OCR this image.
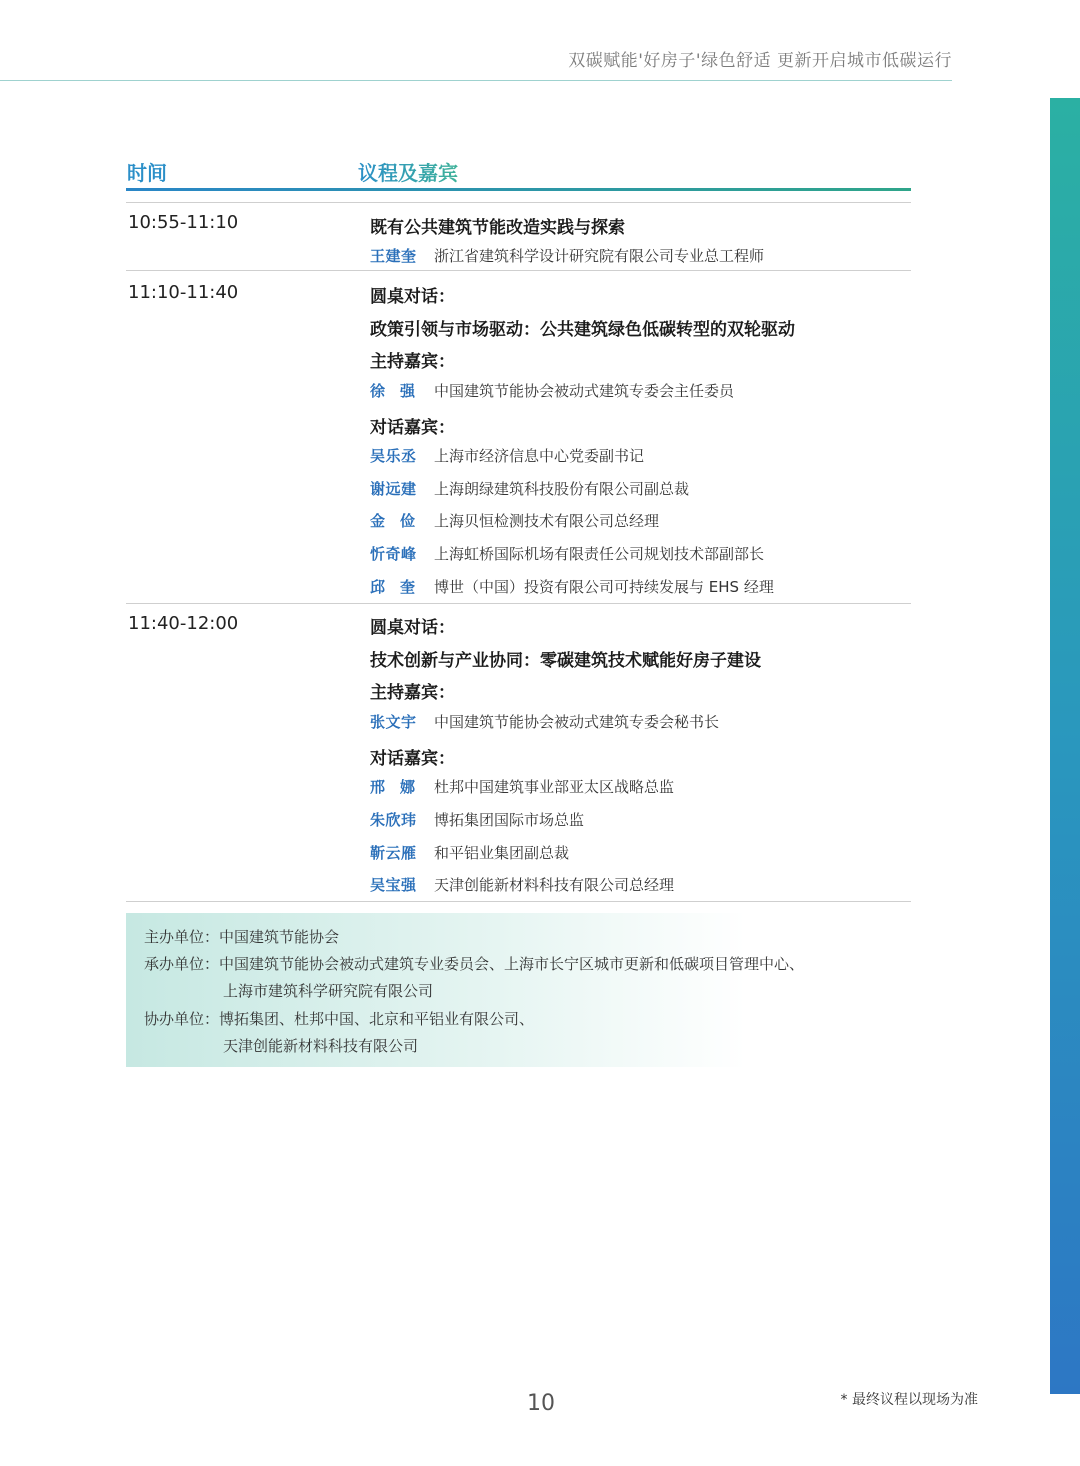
双碳赋能'好房子'绿色舒适 更新开启城市低碳运行
时间	议程及嘉宾
10:55-11:10	既有公共建筑节能改造实践与探索
王建奎 浙江省建筑科学设计研究院有限公司专业总工程师
11:10-11:40	圆桌对话：
政策引领与市场驱动：公共建筑绿色低碳转型的双轮驱动
主持嘉宾：
徐　强 中国建筑节能协会被动式建筑专委会主任委员
对话嘉宾：
吴乐丞 上海市经济信息中心党委副书记
谢远建 上海朗绿建筑科技股份有限公司副总裁
金　俭 上海贝恒检测技术有限公司总经理
忻奇峰 上海虹桥国际机场有限责任公司规划技术部副部长
邱　奎 博世（中国）投资有限公司可持续发展与 EHS 经理
11:40-12:00	圆桌对话：
技术创新与产业协同：零碳建筑技术赋能好房子建设
主持嘉宾：
张文宇 中国建筑节能协会被动式建筑专委会秘书长
对话嘉宾：
邢　娜 杜邦中国建筑事业部亚太区战略总监
朱欣玮 博拓集团国际市场总监
靳云雁 和平铝业集团副总裁
吴宝强 天津创能新材料科技有限公司总经理
主办单位：中国建筑节能协会
承办单位：中国建筑节能协会被动式建筑专业委员会、上海市长宁区城市更新和低碳项目管理中心、
上海市建筑科学研究院有限公司
协办单位：博拓集团、杜邦中国、北京和平铝业有限公司、
天津创能新材料科技有限公司
10	* 最终议程以现场为准
